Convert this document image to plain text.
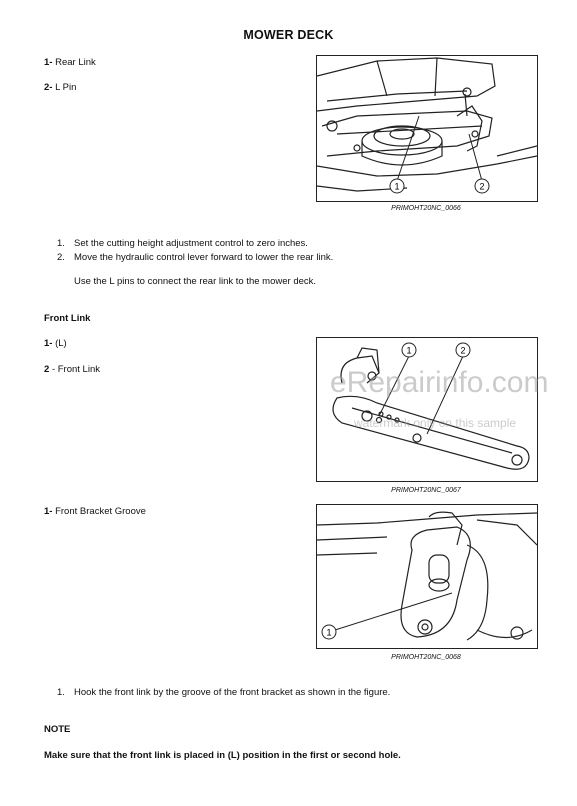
MOWER DECK
1- Rear Link
2- L Pin
1	2
PRIMOHT20NC_0066
1. Set the cutting height adjustment control to zero inches.
2. Move the hydraulic control lever forward to lower the rear link.
Use the L pins to connect the rear link to the mower deck.
Front Link
1- (L)
2 - Front Link
1	2
PRIMOHT20NC_0067
eRepairinfo.com
watermark only on this sample
1- Front Bracket Groove
1
PRIMOHT20NC_0068
1. Hook the front link by the groove of the front bracket as shown in the figure.
NOTE
Make sure that the front link is placed in (L) position in the first or second hole.
